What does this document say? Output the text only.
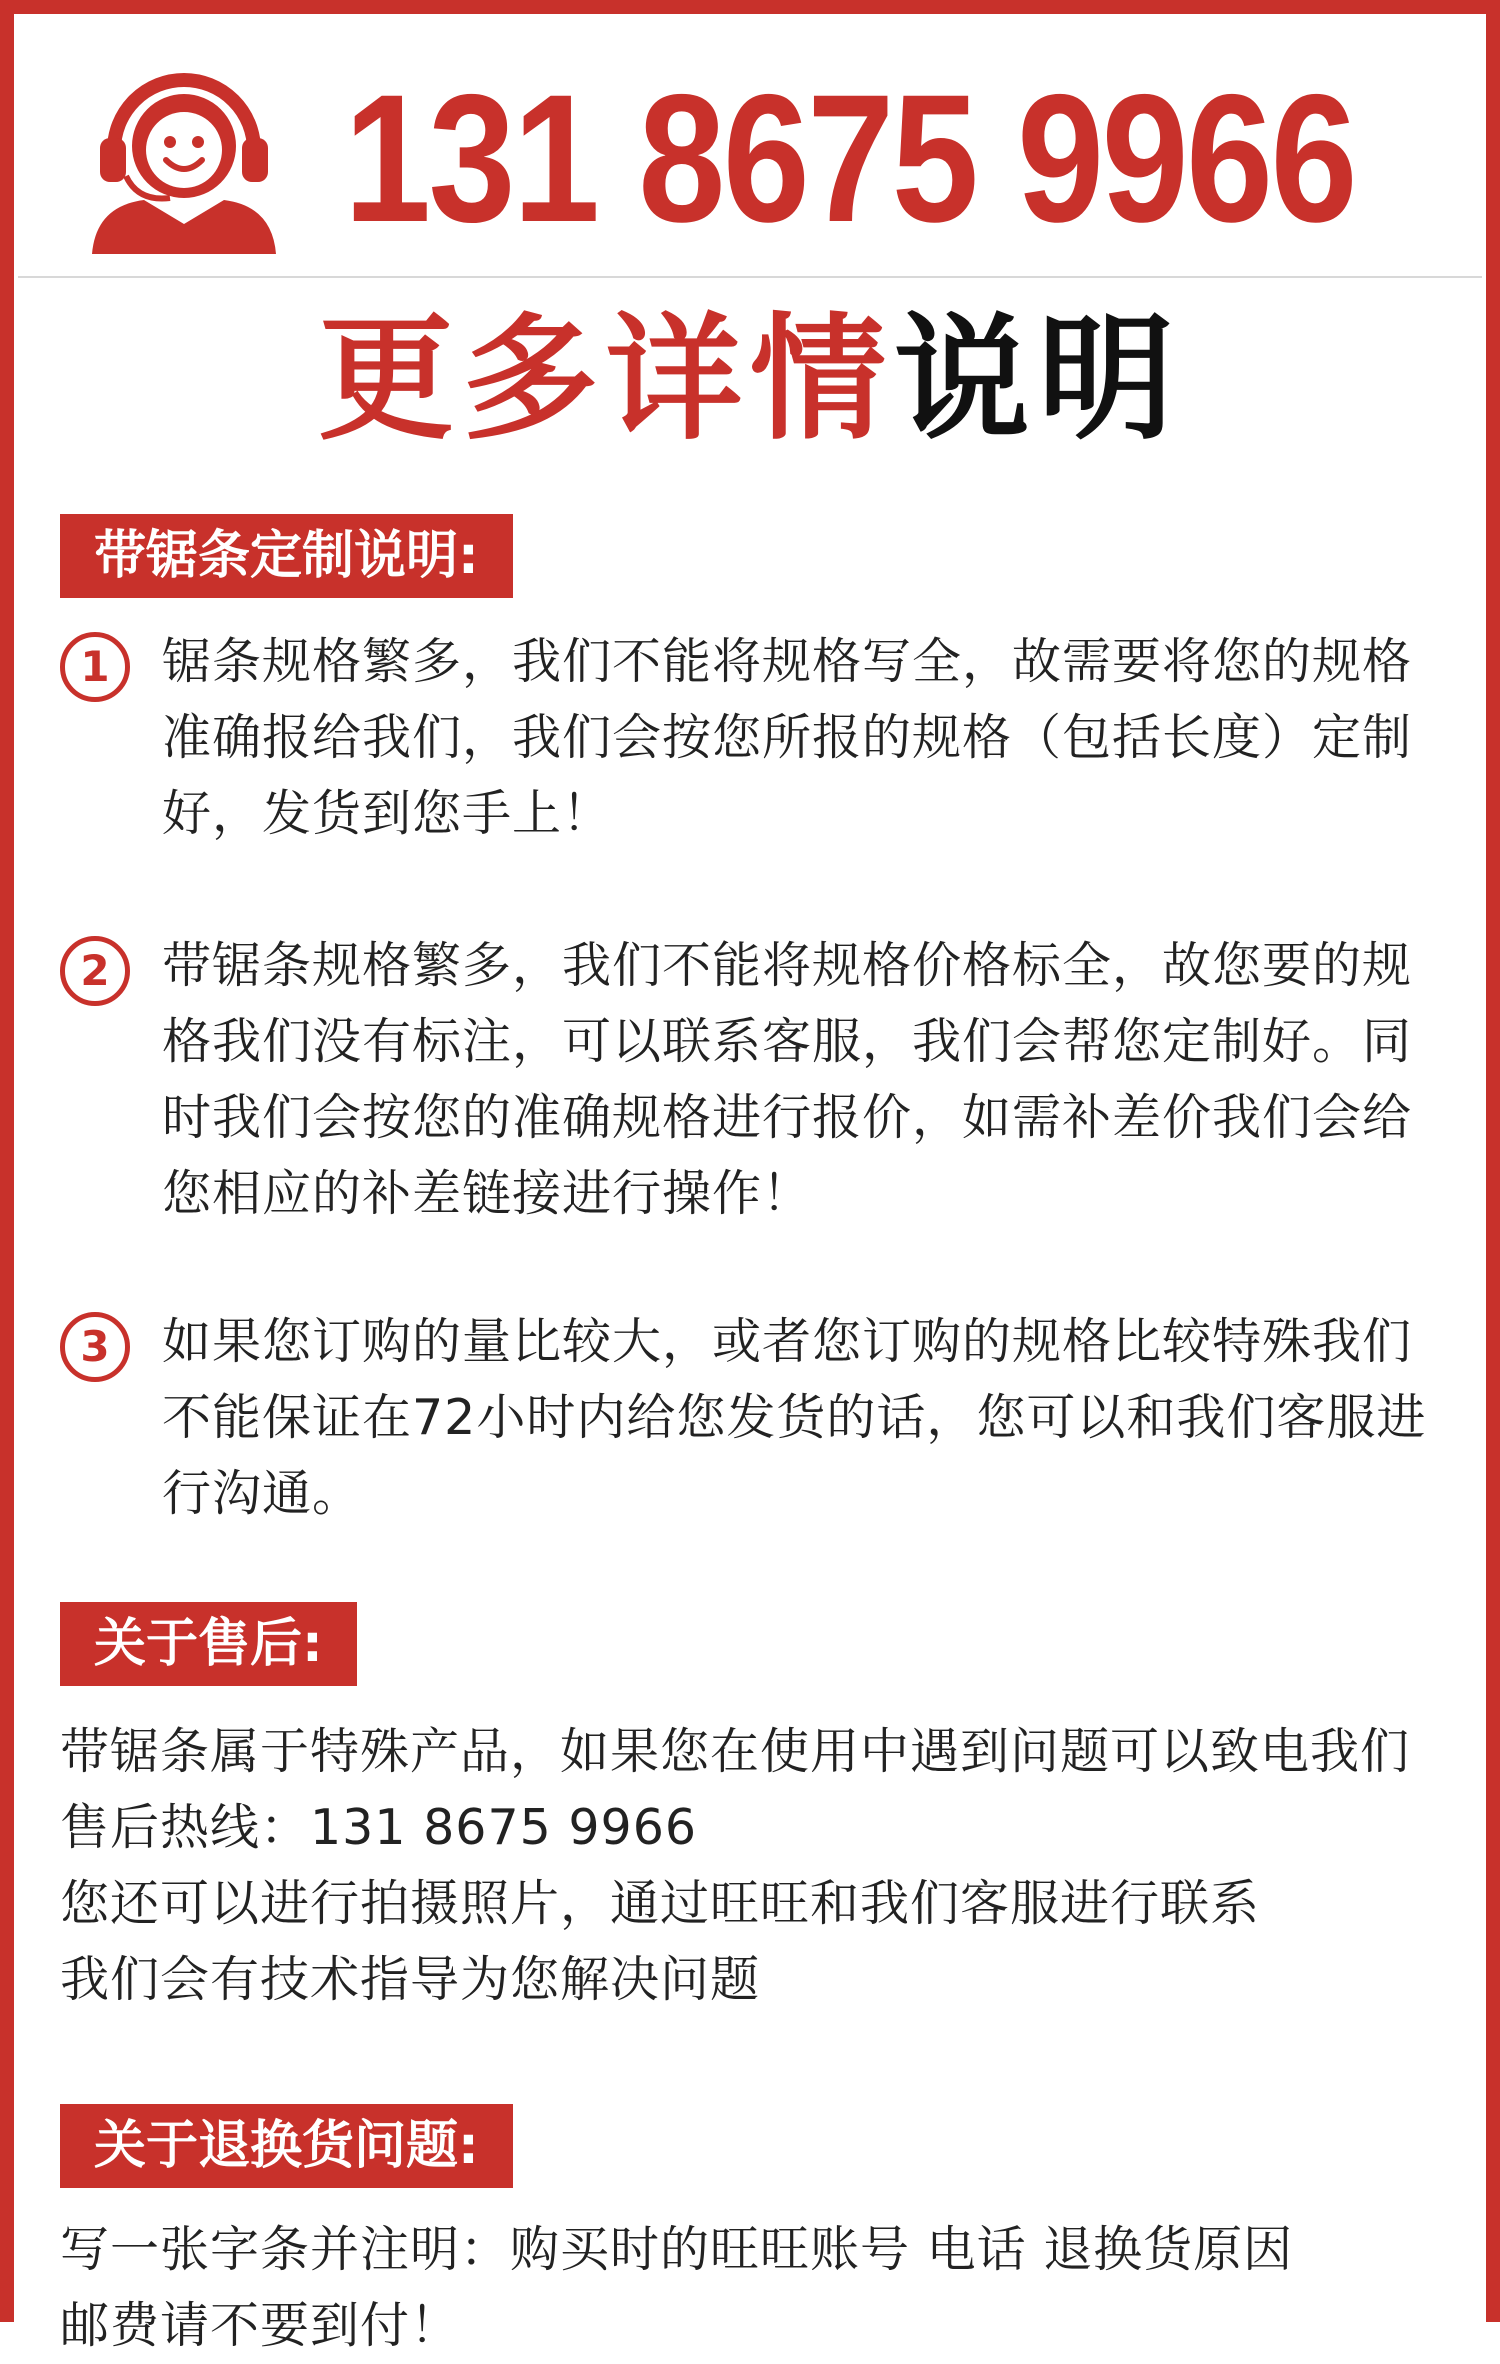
131 8675 9966
更多详情说明
带锯条定制说明:
1	锯条规格繁多，我们不能将规格写全，故需要将您的规格准确报给我们，我们会按您所报的规格（包括长度）定制好，发货到您手上！
2	带锯条规格繁多，我们不能将规格价格标全，故您要的规格我们没有标注，可以联系客服，我们会帮您定制好。同时我们会按您的准确规格进行报价，如需补差价我们会给您相应的补差链接进行操作！
3	如果您订购的量比较大，或者您订购的规格比较特殊我们不能保证在72小时内给您发货的话，您可以和我们客服进行沟通。
关于售后:
带锯条属于特殊产品，如果您在使用中遇到问题可以致电我们
售后热线：131 8675 9966
您还可以进行拍摄照片，通过旺旺和我们客服进行联系
我们会有技术指导为您解决问题
关于退换货问题:
写一张字条并注明：购买时的旺旺账号 电话 退换货原因
邮费请不要到付！
